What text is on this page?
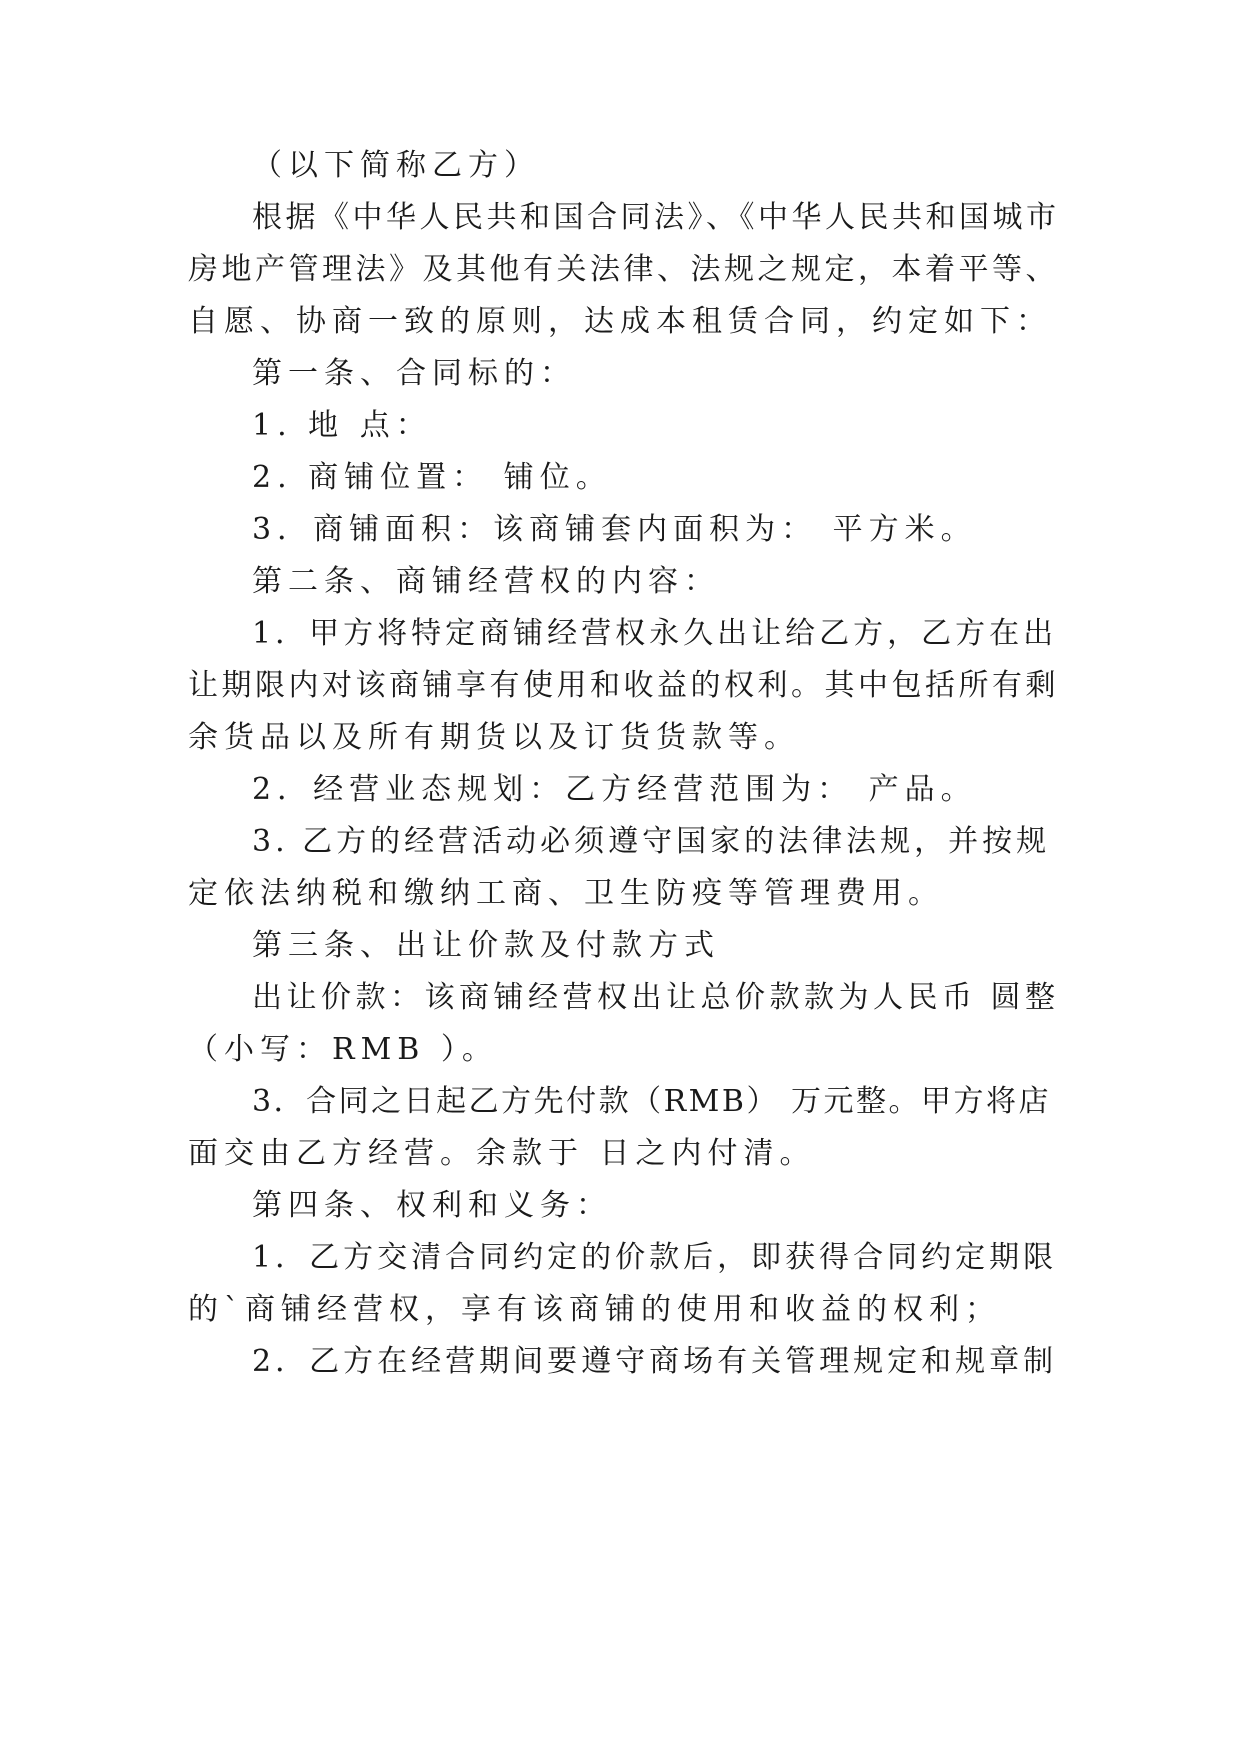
（以下简称乙方）
根据《中华人民共和国合同法》、《中华人民共和国城市
房地产管理法》及其他有关法律、法规之规定，本着平等、
自愿、协商一致的原则，达成本租赁合同，约定如下：
第一条、合同标的：
1. 地 点：
2. 商铺位置： 铺位。
3．商铺面积：该商铺套内面积为： 平方米。
第二条、商铺经营权的内容：
1．甲方将特定商铺经营权永久出让给乙方，乙方在出
让期限内对该商铺享有使用和收益的权利。其中包括所有剩
余货品以及所有期货以及订货货款等。
2．经营业态规划：乙方经营范围为： 产品。
3. 乙方的经营活动必须遵守国家的法律法规，并按规
定依法纳税和缴纳工商、卫生防疫等管理费用。
第三条、出让价款及付款方式
出让价款：该商铺经营权出让总价款款为人民币 圆整
（小写：RMB ）。
3．合同之日起乙方先付款（RMB） 万元整。甲方将店
面交由乙方经营。余款于 日之内付清。
第四条、权利和义务：
1．乙方交清合同约定的价款后，即获得合同约定期限
的`商铺经营权，享有该商铺的使用和收益的权利；
2．乙方在经营期间要遵守商场有关管理规定和规章制
